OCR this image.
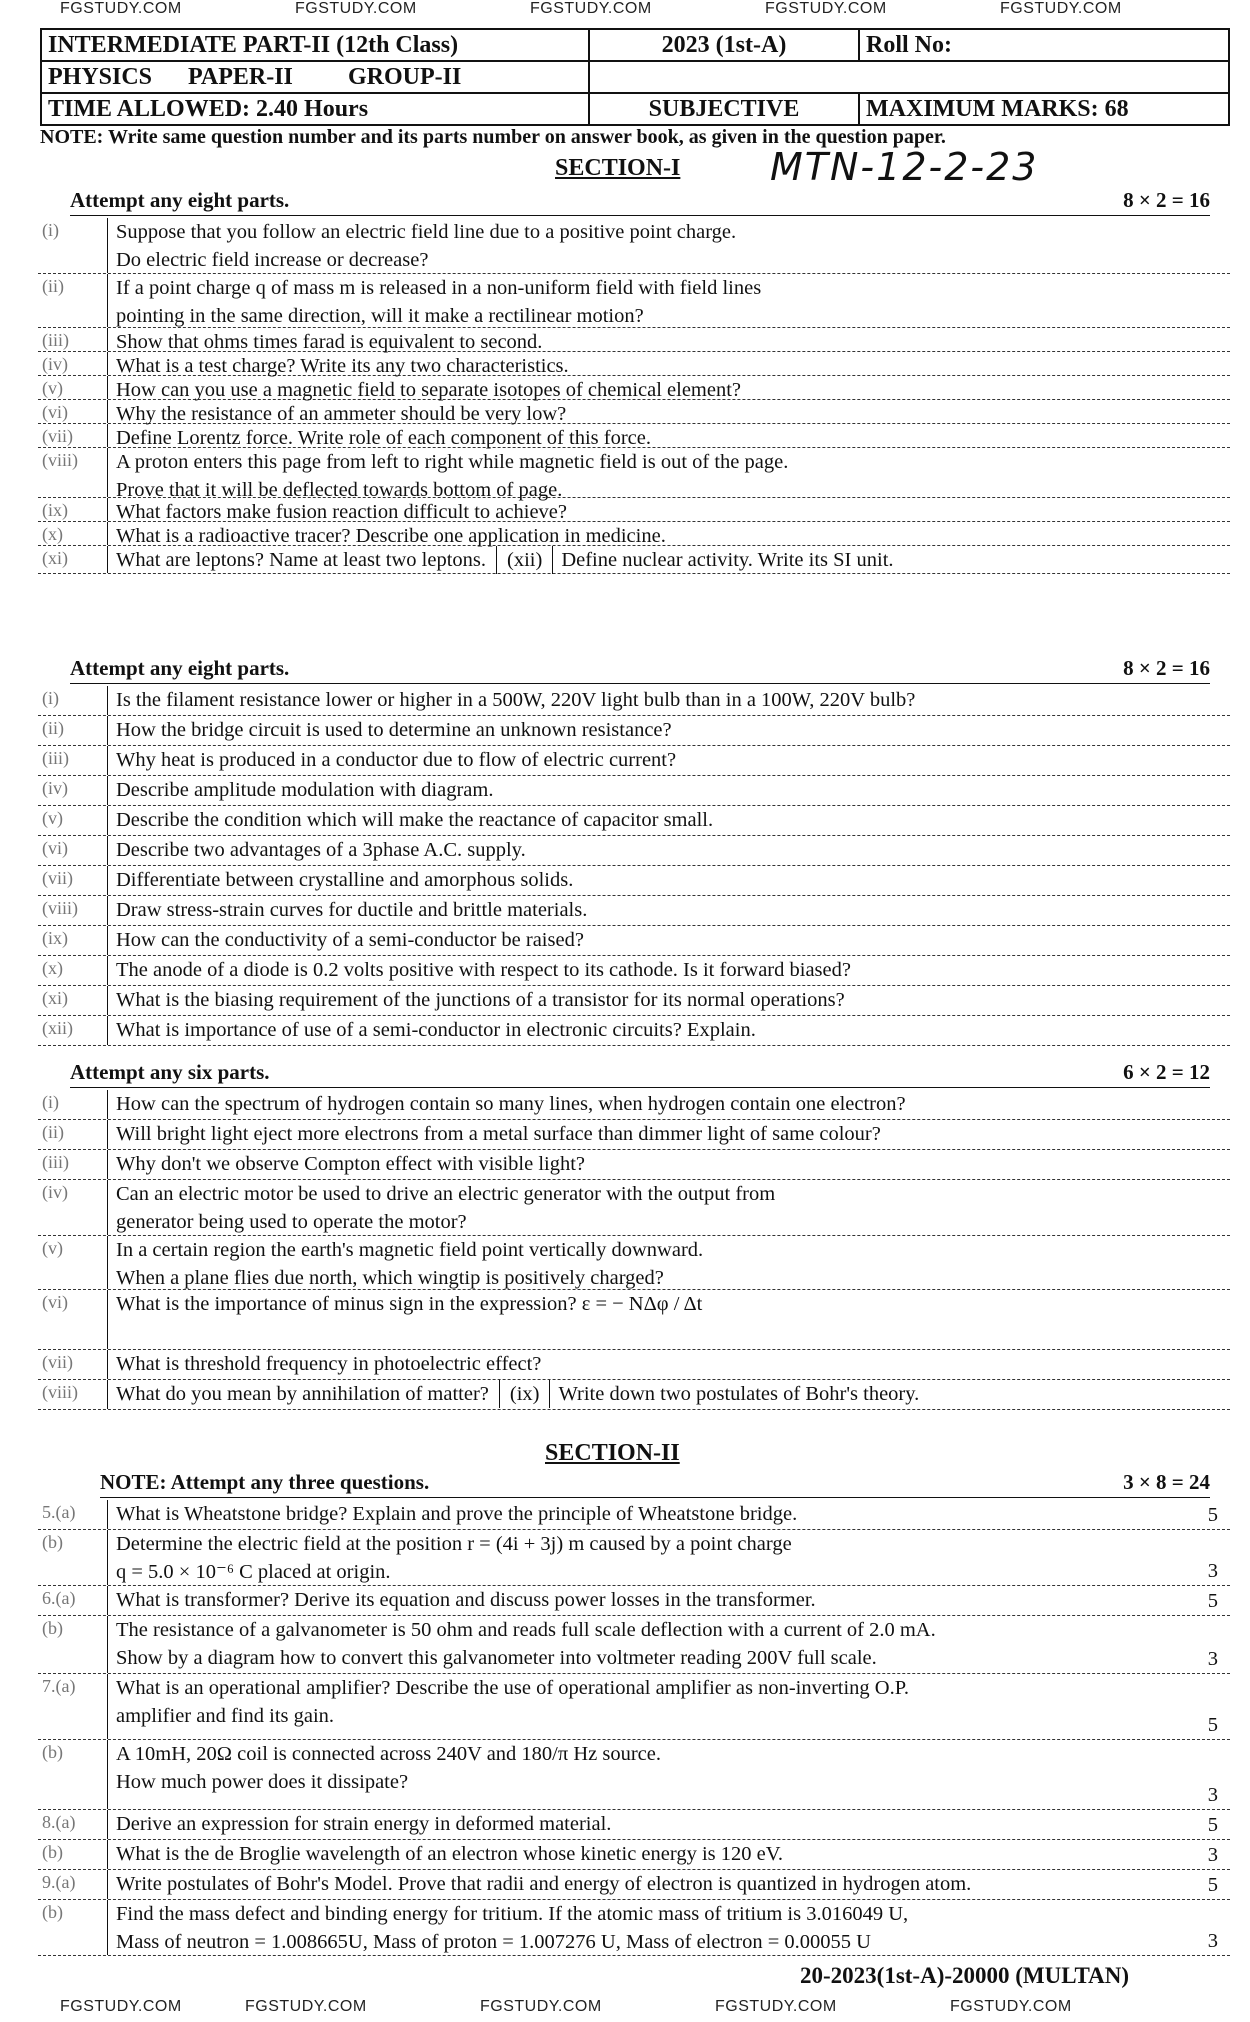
FGSTUDY.COM	FGSTUDY.COM	FGSTUDY.COM	FGSTUDY.COM	FGSTUDY.COM
INTERMEDIATE PART-II (12th Class)	2023 (1st-A)	Roll No:
PHYSICS	PAPER-II	GROUP-II
TIME ALLOWED: 2.40 Hours	SUBJECTIVE	MAXIMUM MARKS: 68
NOTE: Write same question number and its parts number on answer book, as given in the question paper.
SECTION-I MTN-12-2-23
Attempt any eight parts.	8 × 2 = 16
(i)	Suppose that you follow an electric field line due to a positive point charge.
Do electric field increase or decrease?
(ii)	If a point charge q of mass m is released in a non-uniform field with field lines
pointing in the same direction, will it make a rectilinear motion?
(iii)	Show that ohms times farad is equivalent to second.
(iv)	What is a test charge? Write its any two characteristics.
(v)	How can you use a magnetic field to separate isotopes of chemical element?
(vi)	Why the resistance of an ammeter should be very low?
(vii)	Define Lorentz force. Write role of each component of this force.
(viii)	A proton enters this page from left to right while magnetic field is out of the page.
Prove that it will be deflected towards bottom of page.
(ix)	What factors make fusion reaction difficult to achieve?
(x)	What is a radioactive tracer? Describe one application in medicine.
(xi)	What are leptons? Name at least two leptons.	(xii) Define nuclear activity. Write its SI unit.
Attempt any eight parts.	8 × 2 = 16
(i)	Is the filament resistance lower or higher in a 500W, 220V light bulb than in a 100W, 220V bulb?
(ii)	How the bridge circuit is used to determine an unknown resistance?
(iii)	Why heat is produced in a conductor due to flow of electric current?
(iv)	Describe amplitude modulation with diagram.
(v)	Describe the condition which will make the reactance of capacitor small.
(vi)	Describe two advantages of a 3phase A.C. supply.
(vii)	Differentiate between crystalline and amorphous solids.
(viii)	Draw stress-strain curves for ductile and brittle materials.
(ix)	How can the conductivity of a semi-conductor be raised?
(x)	The anode of a diode is 0.2 volts positive with respect to its cathode. Is it forward biased?
(xi)	What is the biasing requirement of the junctions of a transistor for its normal operations?
(xii)	What is importance of use of a semi-conductor in electronic circuits? Explain.
Attempt any six parts.	6 × 2 = 12
(i)	How can the spectrum of hydrogen contain so many lines, when hydrogen contain one electron?
(ii)	Will bright light eject more electrons from a metal surface than dimmer light of same colour?
(iii)	Why don't we observe Compton effect with visible light?
(iv)	Can an electric motor be used to drive an electric generator with the output from
generator being used to operate the motor?
(v)	In a certain region the earth's magnetic field point vertically downward.
When a plane flies due north, which wingtip is positively charged?
(vi)	What is the importance of minus sign in the expression? ε = − NΔφ / Δt
(vii)	What is threshold frequency in photoelectric effect?
(viii)	What do you mean by annihilation of matter?	(ix) Write down two postulates of Bohr's theory.
SECTION-II
NOTE: Attempt any three questions.	3 × 8 = 24
5.(a)	What is Wheatstone bridge? Explain and prove the principle of Wheatstone bridge.	5
(b)	Determine the electric field at the position r = (4i + 3j) m caused by a point charge
q = 5.0 × 10⁻⁶ C placed at origin.	3
6.(a)	What is transformer? Derive its equation and discuss power losses in the transformer.	5
(b)	The resistance of a galvanometer is 50 ohm and reads full scale deflection with a current of 2.0 mA.
Show by a diagram how to convert this galvanometer into voltmeter reading 200V full scale.	3
7.(a)	What is an operational amplifier? Describe the use of operational amplifier as non-inverting O.P.
amplifier and find its gain.	5
(b)	A 10mH, 20Ω coil is connected across 240V and 180/π Hz source.
How much power does it dissipate?
3
8.(a)	Derive an expression for strain energy in deformed material.	5
(b)	What is the de Broglie wavelength of an electron whose kinetic energy is 120 eV.	3
9.(a)	Write postulates of Bohr's Model. Prove that radii and energy of electron is quantized in hydrogen atom.	5
(b)	Find the mass defect and binding energy for tritium. If the atomic mass of tritium is 3.016049 U,
Mass of neutron = 1.008665U, Mass of proton = 1.007276 U, Mass of electron = 0.00055 U	3
20-2023(1st-A)-20000 (MULTAN)
FGSTUDY.COM	FGSTUDY.COM	FGSTUDY.COM	FGSTUDY.COM	FGSTUDY.COM
